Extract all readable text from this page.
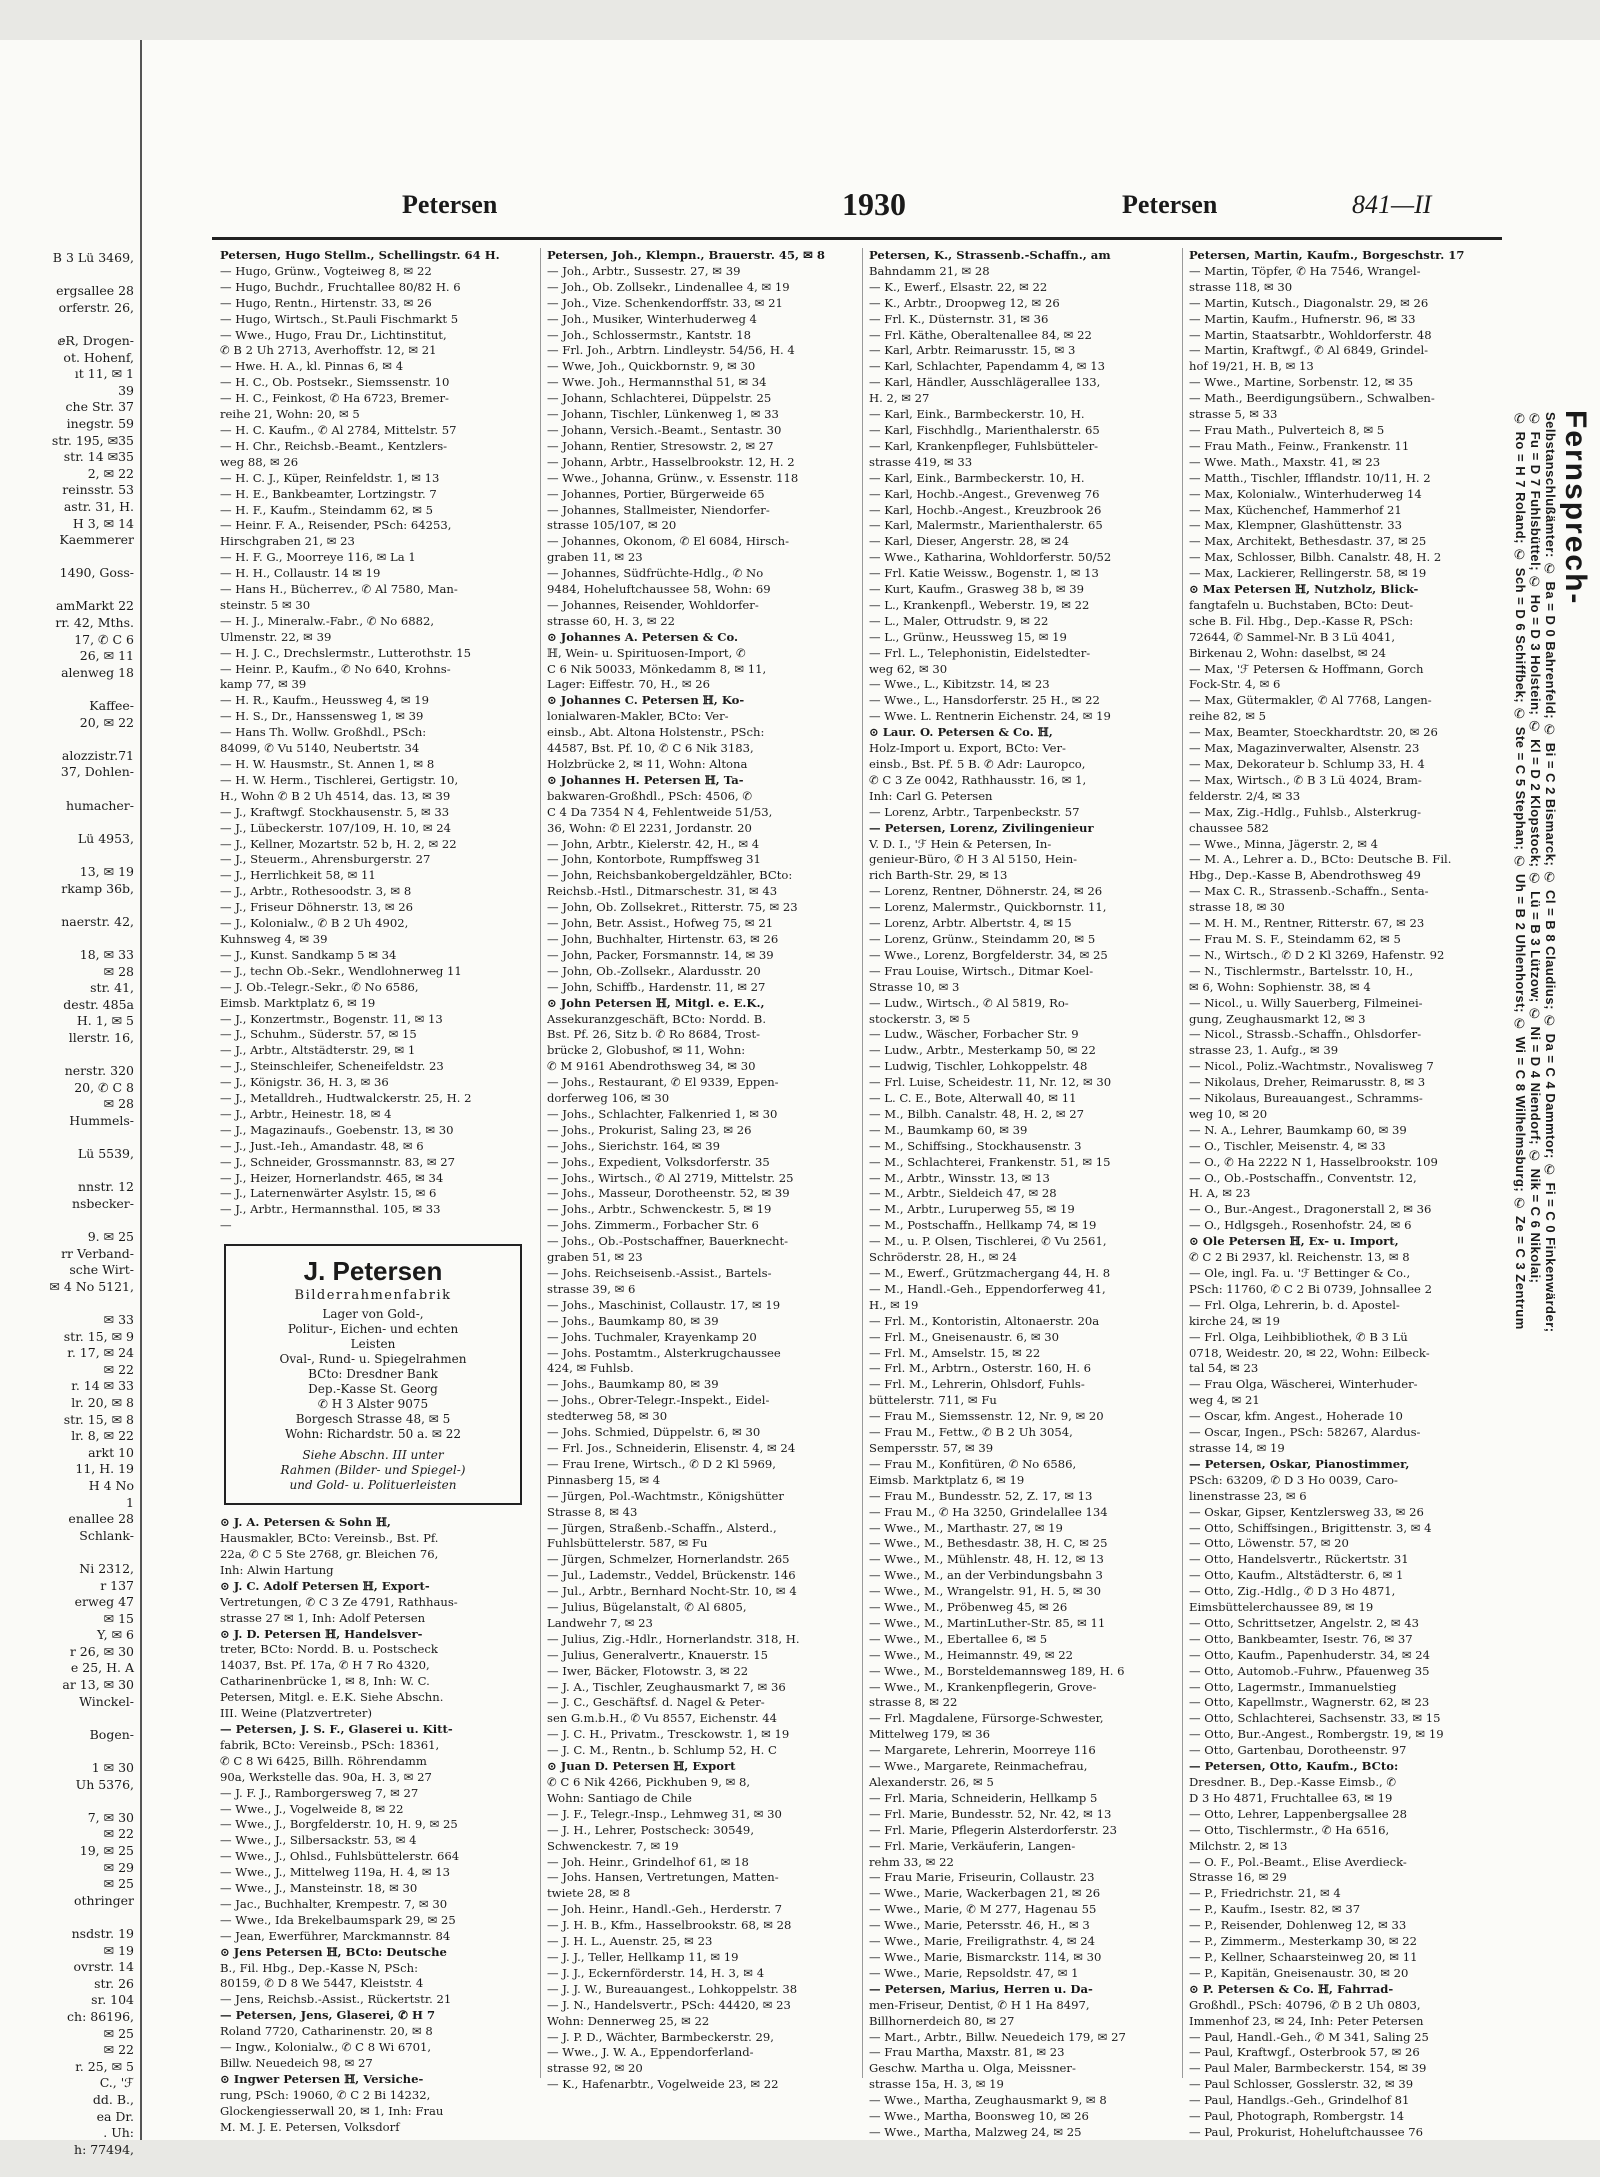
B 3 Lü 3469,

ergsallee 28
orferstr. 26,

ⅇR, Drogen-
ot. Hohenf,
ıt 11, ✉ 1
39
che Str. 37
inegstr. 59
str. 195, ✉35
str. 14 ✉35
2, ✉ 22
reinsstr. 53
astr. 31, H.
H 3, ✉ 14
Kaemmerer

1490, Goss-

amMarkt 22
rr. 42, Mths.
17, ✆ C 6
26, ✉ 11
alenweg 18

Kaffee-
20, ✉ 22

alozzistr.71
37, Dohlen-

humacher-

Lü 4953,

13, ✉ 19
rkamp 36b,

naerstr. 42,

18, ✉ 33
✉ 28
str. 41,
destr. 485a
H. 1, ✉ 5
llerstr. 16,

nerstr. 320
20, ✆ C 8
✉ 28
Hummels-

Lü 5539,

nnstr. 12
nsbecker-

9. ✉ 25
rr Verband-
sche Wirt-
✉ 4 No 5121,

✉ 33
str. 15, ✉ 9
r. 17, ✉ 24
✉ 22
r. 14 ✉ 33
lr. 20, ✉ 8
str. 15, ✉ 8
lr. 8, ✉ 22
arkt 10
11, H. 19
H 4 No
1
enallee 28
Schlank-

Ni 2312,
r 137
erweg 47
✉ 15
Y, ✉ 6
r 26, ✉ 30
e 25, H. A
ar 13, ✉ 30
Winckel-

Bogen-

1 ✉ 30
Uh 5376,

7, ✉ 30
✉ 22
19, ✉ 25
✉ 29
✉ 25
othringer

nsdstr. 19
✉ 19
ovrstr. 14
str. 26
sr. 104
ch: 86196,
✉ 25
✉ 22
r. 25, ✉ 5
C., 'ℱ
dd. B.,
ea Dr.
. Uh:
h: 77494,
Petersen	1930	Petersen	841—II
Petersen, Hugo Stellm., Schellingstr. 64 H.
— Hugo, Grünw., Vogteiweg 8, ✉ 22
— Hugo, Buchdr., Fruchtallee 80/82 H. 6
— Hugo, Rentn., Hirtenstr. 33, ✉ 26
— Hugo, Wirtsch., St.Pauli Fischmarkt 5
— Wwe., Hugo, Frau Dr., Lichtinstitut,
✆ B 2 Uh 2713, Averhoffstr. 12, ✉ 21
— Hwe. H. A., kl. Pinnas 6, ✉ 4
— H. C., Ob. Postsekr., Siemssenstr. 10
— H. C., Feinkost, ✆ Ha 6723, Bremer-
reihe 21, Wohn: 20, ✉ 5
— H. C. Kaufm., ✆ Al 2784, Mittelstr. 57
— H. Chr., Reichsb.-Beamt., Kentzlers-
weg 88, ✉ 26
— H. C. J., Küper, Reinfeldstr. 1, ✉ 13
— H. E., Bankbeamter, Lortzingstr. 7
— H. F., Kaufm., Steindamm 62, ✉ 5
— Heinr. F. A., Reisender, PSch: 64253,
Hirschgraben 21, ✉ 23
— H. F. G., Moorreye 116, ✉ La 1
— H. H., Collaustr. 14 ✉ 19
— Hans H., Bücherrev., ✆ Al 7580, Man-
steinstr. 5 ✉ 30
— H. J., Mineralw.-Fabr., ✆ No 6882,
Ulmenstr. 22, ✉ 39
— H. J. C., Drechslermstr., Lutterothstr. 15
— Heinr. P., Kaufm., ✆ No 640, Krohns-
kamp 77, ✉ 39
— H. R., Kaufm., Heussweg 4, ✉ 19
— H. S., Dr., Hanssensweg 1, ✉ 39
— Hans Th. Wollw. Großhdl., PSch:
84099, ✆ Vu 5140, Neubertstr. 34
— H. W. Hausmstr., St. Annen 1, ✉ 8
— H. W. Herm., Tischlerei, Gertigstr. 10,
H., Wohn ✆ B 2 Uh 4514, das. 13, ✉ 39
— J., Kraftwgf. Stockhausenstr. 5, ✉ 33
— J., Lübeckerstr. 107/109, H. 10, ✉ 24
— J., Kellner, Mozartstr. 52 b, H. 2, ✉ 22
— J., Steuerm., Ahrensburgerstr. 27
— J., Herrlichkeit 58, ✉ 11
— J., Arbtr., Rothesoodstr. 3, ✉ 8
— J., Friseur Döhnerstr. 13, ✉ 26
— J., Kolonialw., ✆ B 2 Uh 4902,
Kuhnsweg 4, ✉ 39
— J., Kunst. Sandkamp 5 ✉ 34
— J., techn Ob.-Sekr., Wendlohnerweg 11
— J. Ob.-Telegr.-Sekr., ✆ No 6586,
Eimsb. Marktplatz 6, ✉ 19
— J., Konzertmstr., Bogenstr. 11, ✉ 13
— J., Schuhm., Süderstr. 57, ✉ 15
— J., Arbtr., Altstädterstr. 29, ✉ 1
— J., Steinschleifer, Scheneifeldstr. 23
— J., Königstr. 36, H. 3, ✉ 36
— J., Metalldreh., Hudtwalckerstr. 25, H. 2
— J., Arbtr., Heinestr. 18, ✉ 4
— J., Magazinaufs., Goebenstr. 13, ✉ 30
— J., Just.-Ieh., Amandastr. 48, ✉ 6
— J., Schneider, Grossmannstr. 83, ✉ 27
— J., Heizer, Hornerlandstr. 465, ✉ 34
— J., Laternenwärter Asylstr. 15, ✉ 6
— J., Arbtr., Hermannsthal. 105, ✉ 33
—
J. Petersen
Bilderrahmenfabrik
Lager von Gold-,
Politur-, Eichen- und echten
Leisten
Oval-, Rund- u. Spiegelrahmen
BCto: Dresdner Bank
Dep.-Kasse St. Georg
✆ H 3 Alster 9075
Borgesch Strasse 48, ✉ 5
Wohn: Richardstr. 50 a. ✉ 22
Siehe Abschn. III unter
Rahmen (Bilder- und Spiegel-)
und Gold- u. Polituerleisten
⊙ J. A. Petersen & Sohn ℍ,
Hausmakler, BCto: Vereinsb., Bst. Pf.
22a, ✆ C 5 Ste 2768, gr. Bleichen 76,
Inh: Alwin Hartung
⊙ J. C. Adolf Petersen ℍ, Export-
Vertretungen, ✆ C 3 Ze 4791, Rathhaus-
strasse 27 ✉ 1, Inh: Adolf Petersen
⊙ J. D. Petersen ℍ, Handelsver-
treter, BCto: Nordd. B. u. Postscheck
14037, Bst. Pf. 17a, ✆ H 7 Ro 4320,
Catharinenbrücke 1, ✉ 8, Inh: W. C.
Petersen, Mitgl. e. E.K. Siehe Abschn.
III. Weine (Platzvertreter)
— Petersen, J. S. F., Glaserei u. Kitt-
fabrik, BCto: Vereinsb., PSch: 18361,
✆ C 8 Wi 6425, Billh. Röhrendamm
90a, Werkstelle das. 90a, H. 3, ✉ 27
— J. F. J., Ramborgersweg 7, ✉ 27
— Wwe., J., Vogelweide 8, ✉ 22
— Wwe., J., Borgfelderstr. 10, H. 9, ✉ 25
— Wwe., J., Silbersackstr. 53, ✉ 4
— Wwe., J., Ohlsd., Fuhlsbüttelerstr. 664
— Wwe., J., Mittelweg 119a, H. 4, ✉ 13
— Wwe., J., Mansteinstr. 18, ✉ 30
— Jac., Buchhalter, Krempestr. 7, ✉ 30
— Wwe., Ida Brekelbaumspark 29, ✉ 25
— Jean, Ewerführer, Marckmannstr. 84
⊙ Jens Petersen ℍ, BCto: Deutsche
B., Fil. Hbg., Dep.-Kasse N, PSch:
80159, ✆ D 8 We 5447, Kleiststr. 4
— Jens, Reichsb.-Assist., Rückertstr. 21
— Petersen, Jens, Glaserei, ✆ H 7
Roland 7720, Catharinenstr. 20, ✉ 8
— Ingw., Kolonialw., ✆ C 8 Wi 6701,
Billw. Neuedeich 98, ✉ 27
⊙ Ingwer Petersen ℍ, Versiche-
rung, PSch: 19060, ✆ C 2 Bi 14232,
Glockengiesserwall 20, ✉ 1, Inh: Frau
M. M. J. E. Petersen, Volksdorf
Petersen, Joh., Klempn., Brauerstr. 45, ✉ 8
— Joh., Arbtr., Sussestr. 27, ✉ 39
— Joh., Ob. Zollsekr., Lindenallee 4, ✉ 19
— Joh., Vize. Schenkendorffstr. 33, ✉ 21
— Joh., Musiker, Winterhuderweg 4
— Joh., Schlossermstr., Kantstr. 18
— Frl. Joh., Arbtrn. Lindleystr. 54/56, H. 4
— Wwe, Joh., Quickbornstr. 9, ✉ 30
— Wwe. Joh., Hermannsthal 51, ✉ 34
— Johann, Schlachterei, Düppelstr. 25
— Johann, Tischler, Lünkenweg 1, ✉ 33
— Johann, Versich.-Beamt., Sentastr. 30
— Johann, Rentier, Stresowstr. 2, ✉ 27
— Johann, Arbtr., Hasselbrookstr. 12, H. 2
— Wwe., Johanna, Grünw., v. Essenstr. 118
— Johannes, Portier, Bürgerweide 65
— Johannes, Stallmeister, Niendorfer-
strasse 105/107, ✉ 20
— Johannes, Okonom, ✆ El 6084, Hirsch-
graben 11, ✉ 23
— Johannes, Südfrüchte-Hdlg., ✆ No
9484, Hoheluftchaussee 58, Wohn: 69
— Johannes, Reisender, Wohldorfer-
strasse 60, H. 3, ✉ 22
⊙ Johannes A. Petersen & Co.
ℍ, Wein- u. Spirituosen-Import, ✆
C 6 Nik 50033, Mönkedamm 8, ✉ 11,
Lager: Eiffestr. 70, H., ✉ 26
⊙ Johannes C. Petersen ℍ, Ko-
lonialwaren-Makler, BCto: Ver-
einsb., Abt. Altona Holstenstr., PSch:
44587, Bst. Pf. 10, ✆ C 6 Nik 3183,
Holzbrücke 2, ✉ 11, Wohn: Altona
⊙ Johannes H. Petersen ℍ, Ta-
bakwaren-Großhdl., PSch: 4506, ✆
C 4 Da 7354 N 4, Fehlentweide 51/53,
36, Wohn: ✆ El 2231, Jordanstr. 20
— John, Arbtr., Kielerstr. 42, H., ✉ 4
— John, Kontorbote, Rumpffsweg 31
— John, Reichsbankobergeldzähler, BCto:
Reichsb.-Hstl., Ditmarschestr. 31, ✉ 43
— John, Ob. Zollsekret., Ritterstr. 75, ✉ 23
— John, Betr. Assist., Hofweg 75, ✉ 21
— John, Buchhalter, Hirtenstr. 63, ✉ 26
— John, Packer, Forsmannstr. 14, ✉ 39
— John, Ob.-Zollsekr., Alardusstr. 20
— John, Schiffb., Hardenstr. 11, ✉ 27
⊙ John Petersen ℍ, Mitgl. e. E.K.,
Assekuranzgeschäft, BCto: Nordd. B.
Bst. Pf. 26, Sitz b. ✆ Ro 8684, Trost-
brücke 2, Globushof, ✉ 11, Wohn:
✆ M 9161 Abendrothsweg 34, ✉ 30
— Johs., Restaurant, ✆ El 9339, Eppen-
dorferweg 106, ✉ 30
— Johs., Schlachter, Falkenried 1, ✉ 30
— Johs., Prokurist, Saling 23, ✉ 26
— Johs., Sierichstr. 164, ✉ 39
— Johs., Expedient, Volksdorferstr. 35
— Johs., Wirtsch., ✆ Al 2719, Mittelstr. 25
— Johs., Masseur, Dorotheenstr. 52, ✉ 39
— Johs., Arbtr., Schwenckestr. 5, ✉ 19
— Johs. Zimmerm., Forbacher Str. 6
— Johs., Ob.-Postschaffner, Bauerknecht-
graben 51, ✉ 23
— Johs. Reichseisenb.-Assist., Bartels-
strasse 39, ✉ 6
— Johs., Maschinist, Collaustr. 17, ✉ 19
— Johs., Baumkamp 80, ✉ 39
— Johs. Tuchmaler, Krayenkamp 20
— Johs. Postamtm., Alsterkrugchaussee
424, ✉ Fuhlsb.
— Johs., Baumkamp 80, ✉ 39
— Johs., Obrer-Telegr.-Inspekt., Eidel-
stedterweg 58, ✉ 30
— Johs. Schmied, Düppelstr. 6, ✉ 30
— Frl. Jos., Schneiderin, Elisenstr. 4, ✉ 24
— Frau Irene, Wirtsch., ✆ D 2 Kl 5969,
Pinnasberg 15, ✉ 4
— Jürgen, Pol.-Wachtmstr., Königshütter
Strasse 8, ✉ 43
— Jürgen, Straßenb.-Schaffn., Alsterd.,
Fuhlsbüttelerstr. 587, ✉ Fu
— Jürgen, Schmelzer, Hornerlandstr. 265
— Jul., Lademstr., Veddel, Brückenstr. 146
— Jul., Arbtr., Bernhard Nocht-Str. 10, ✉ 4
— Julius, Bügelanstalt, ✆ Al 6805,
Landwehr 7, ✉ 23
— Julius, Zig.-Hdlr., Hornerlandstr. 318, H.
— Julius, Generalvertr., Knauerstr. 15
— Iwer, Bäcker, Flotowstr. 3, ✉ 22
— J. A., Tischler, Zeughausmarkt 7, ✉ 36
— J. C., Geschäftsf. d. Nagel & Peter-
sen G.m.b.H., ✆ Vu 8557, Eichenstr. 44
— J. C. H., Privatm., Tresckowstr. 1, ✉ 19
— J. C. M., Rentn., b. Schlump 52, H. C
⊙ Juan D. Petersen ℍ, Export
✆ C 6 Nik 4266, Pickhuben 9, ✉ 8,
Wohn: Santiago de Chile
— J. F., Telegr.-Insp., Lehmweg 31, ✉ 30
— J. H., Lehrer, Postscheck: 30549,
Schwenckestr. 7, ✉ 19
— Joh. Heinr., Grindelhof 61, ✉ 18
— Johs. Hansen, Vertretungen, Matten-
twiete 28, ✉ 8
— Joh. Heinr., Handl.-Geh., Herderstr. 7
— J. H. B., Kfm., Hasselbrookstr. 68, ✉ 28
— J. H. L., Auenstr. 25, ✉ 23
— J. J., Teller, Hellkamp 11, ✉ 19
— J. J., Eckernförderstr. 14, H. 3, ✉ 4
— J. J. W., Bureauangest., Lohkoppelstr. 38
— J. N., Handelsvertr., PSch: 44420, ✉ 23
Wohn: Dennerweg 25, ✉ 22
— J. P. D., Wächter, Barmbeckerstr. 29,
— Wwe., J. W. A., Eppendorferland-
strasse 92, ✉ 20
— K., Hafenarbtr., Vogelweide 23, ✉ 22
Petersen, K., Strassenb.-Schaffn., am
Bahndamm 21, ✉ 28
— K., Ewerf., Elsastr. 22, ✉ 22
— K., Arbtr., Droopweg 12, ✉ 26
— Frl. K., Düsternstr. 31, ✉ 36
— Frl. Käthe, Oberaltenallee 84, ✉ 22
— Karl, Arbtr. Reimarusstr. 15, ✉ 3
— Karl, Schlachter, Papendamm 4, ✉ 13
— Karl, Händler, Ausschlägerallee 133,
H. 2, ✉ 27
— Karl, Eink., Barmbeckerstr. 10, H.
— Karl, Fischhdlg., Marienthalerstr. 65
— Karl, Krankenpfleger, Fuhlsbütteler-
strasse 419, ✉ 33
— Karl, Eink., Barmbeckerstr. 10, H.
— Karl, Hochb.-Angest., Grevenweg 76
— Karl, Hochb.-Angest., Kreuzbrook 26
— Karl, Malermstr., Marienthalerstr. 65
— Karl, Dieser, Angerstr. 28, ✉ 24
— Wwe., Katharina, Wohldorferstr. 50/52
— Frl. Katie Weissw., Bogenstr. 1, ✉ 13
— Kurt, Kaufm., Grasweg 38 b, ✉ 39
— L., Krankenpfl., Weberstr. 19, ✉ 22
— L., Maler, Ottrudstr. 9, ✉ 22
— L., Grünw., Heussweg 15, ✉ 19
— Frl. L., Telephonistin, Eidelstedter-
weg 62, ✉ 30
— Wwe., L., Kibitzstr. 14, ✉ 23
— Wwe., L., Hansdorferstr. 25 H., ✉ 22
— Wwe. L. Rentnerin Eichenstr. 24, ✉ 19
⊙ Laur. O. Petersen & Co. ℍ,
Holz-Import u. Export, BCto: Ver-
einsb., Bst. Pf. 5 B. ✆ Adr: Lauropco,
✆ C 3 Ze 0042, Rathhausstr. 16, ✉ 1,
Inh: Carl G. Petersen
— Lorenz, Arbtr., Tarpenbeckstr. 57
— Petersen, Lorenz, Zivilingenieur
V. D. I., 'ℱ Hein & Petersen, In-
genieur-Büro, ✆ H 3 Al 5150, Hein-
rich Barth-Str. 29, ✉ 13
— Lorenz, Rentner, Döhnerstr. 24, ✉ 26
— Lorenz, Malermstr., Quickbornstr. 11,
— Lorenz, Arbtr. Albertstr. 4, ✉ 15
— Lorenz, Grünw., Steindamm 20, ✉ 5
— Wwe., Lorenz, Borgfelderstr. 34, ✉ 25
— Frau Louise, Wirtsch., Ditmar Koel-
Strasse 10, ✉ 3
— Ludw., Wirtsch., ✆ Al 5819, Ro-
stockerstr. 3, ✉ 5
— Ludw., Wäscher, Forbacher Str. 9
— Ludw., Arbtr., Mesterkamp 50, ✉ 22
— Ludwig, Tischler, Lohkoppelstr. 48
— Frl. Luise, Scheidestr. 11, Nr. 12, ✉ 30
— L. C. E., Bote, Alterwall 40, ✉ 11
— M., Bilbh. Canalstr. 48, H. 2, ✉ 27
— M., Baumkamp 60, ✉ 39
— M., Schiffsing., Stockhausenstr. 3
— M., Schlachterei, Frankenstr. 51, ✉ 15
— M., Arbtr., Winsstr. 13, ✉ 13
— M., Arbtr., Sieldeich 47, ✉ 28
— M., Arbtr., Luruperweg 55, ✉ 19
— M., Postschaffn., Hellkamp 74, ✉ 19
— M., u. P. Olsen, Tischlerei, ✆ Vu 2561,
Schröderstr. 28, H., ✉ 24
— M., Ewerf., Grützmachergang 44, H. 8
— M., Handl.-Geh., Eppendorferweg 41,
H., ✉ 19
— Frl. M., Kontoristin, Altonaerstr. 20a
— Frl. M., Gneisenaustr. 6, ✉ 30
— Frl. M., Amselstr. 15, ✉ 22
— Frl. M., Arbtrn., Osterstr. 160, H. 6
— Frl. M., Lehrerin, Ohlsdorf, Fuhls-
büttelerstr. 711, ✉ Fu
— Frau M., Siemssenstr. 12, Nr. 9, ✉ 20
— Frau M., Fettw., ✆ B 2 Uh 3054,
Sempersstr. 57, ✉ 39
— Frau M., Konfitüren, ✆ No 6586,
Eimsb. Marktplatz 6, ✉ 19
— Frau M., Bundesstr. 52, Z. 17, ✉ 13
— Frau M., ✆ Ha 3250, Grindelallee 134
— Wwe., M., Marthastr. 27, ✉ 19
— Wwe., M., Bethesdastr. 38, H. C, ✉ 25
— Wwe., M., Mühlenstr. 48, H. 12, ✉ 13
— Wwe., M., an der Verbindungsbahn 3
— Wwe., M., Wrangelstr. 91, H. 5, ✉ 30
— Wwe., M., Pröbenweg 45, ✉ 26
— Wwe., M., MartinLuther-Str. 85, ✉ 11
— Wwe., M., Ebertallee 6, ✉ 5
— Wwe., M., Heimannstr. 49, ✉ 22
— Wwe., M., Borsteldemannsweg 189, H. 6
— Wwe., M., Krankenpflegerin, Grove-
strasse 8, ✉ 22
— Frl. Magdalene, Fürsorge-Schwester,
Mittelweg 179, ✉ 36
— Margarete, Lehrerin, Moorreye 116
— Wwe., Margarete, Reinmachefrau,
Alexanderstr. 26, ✉ 5
— Frl. Maria, Schneiderin, Hellkamp 5
— Frl. Marie, Bundesstr. 52, Nr. 42, ✉ 13
— Frl. Marie, Pflegerin Alsterdorferstr. 23
— Frl. Marie, Verkäuferin, Langen-
rehm 33, ✉ 22
— Frau Marie, Friseurin, Collaustr. 23
— Wwe., Marie, Wackerbagen 21, ✉ 26
— Wwe., Marie, ✆ M 277, Hagenau 55
— Wwe., Marie, Petersstr. 46, H., ✉ 3
— Wwe., Marie, Freiligrathstr. 4, ✉ 24
— Wwe., Marie, Bismarckstr. 114, ✉ 30
— Wwe., Marie, Repsoldstr. 47, ✉ 1
— Petersen, Marius, Herren u. Da-
men-Friseur, Dentist, ✆ H 1 Ha 8497,
Billhornerdeich 80, ✉ 27
— Mart., Arbtr., Billw. Neuedeich 179, ✉ 27
— Frau Martha, Maxstr. 81, ✉ 23
Geschw. Martha u. Olga, Meissner-
strasse 15a, H. 3, ✉ 19
— Wwe., Martha, Zeughausmarkt 9, ✉ 8
— Wwe., Martha, Boonsweg 10, ✉ 26
— Wwe., Martha, Malzweg 24, ✉ 25
Petersen, Martin, Kaufm., Borgeschstr. 17
— Martin, Töpfer, ✆ Ha 7546, Wrangel-
strasse 118, ✉ 30
— Martin, Kutsch., Diagonalstr. 29, ✉ 26
— Martin, Kaufm., Hufnerstr. 96, ✉ 33
— Martin, Staatsarbtr., Wohldorferstr. 48
— Martin, Kraftwgf., ✆ Al 6849, Grindel-
hof 19/21, H. B, ✉ 13
— Wwe., Martine, Sorbenstr. 12, ✉ 35
— Math., Beerdigungsübern., Schwalben-
strasse 5, ✉ 33
— Frau Math., Pulverteich 8, ✉ 5
— Frau Math., Feinw., Frankenstr. 11
— Wwe. Math., Maxstr. 41, ✉ 23
— Matth., Tischler, Ifflandstr. 10/11, H. 2
— Max, Kolonialw., Winterhuderweg 14
— Max, Küchenchef, Hammerhof 21
— Max, Klempner, Glashüttenstr. 33
— Max, Architekt, Bethesdastr. 37, ✉ 25
— Max, Schlosser, Bilbh. Canalstr. 48, H. 2
— Max, Lackierer, Rellingerstr. 58, ✉ 19
⊙ Max Petersen ℍ, Nutzholz, Blick-
fangtafeln u. Buchstaben, BCto: Deut-
sche B. Fil. Hbg., Dep.-Kasse R, PSch:
72644, ✆ Sammel-Nr. B 3 Lü 4041,
Birkenau 2, Wohn: daselbst, ✉ 24
— Max, 'ℱ Petersen & Hoffmann, Gorch
Fock-Str. 4, ✉ 6
— Max, Gütermakler, ✆ Al 7768, Langen-
reihe 82, ✉ 5
— Max, Beamter, Stoeckhardtstr. 20, ✉ 26
— Max, Magazinverwalter, Alsenstr. 23
— Max, Dekorateur b. Schlump 33, H. 4
— Max, Wirtsch., ✆ B 3 Lü 4024, Bram-
felderstr. 2/4, ✉ 33
— Max, Zig.-Hdlg., Fuhlsb., Alsterkrug-
chaussee 582
— Wwe., Minna, Jägerstr. 2, ✉ 4
— M. A., Lehrer a. D., BCto: Deutsche B. Fil.
Hbg., Dep.-Kasse B, Abendrothsweg 49
— Max C. R., Strassenb.-Schaffn., Senta-
strasse 18, ✉ 30
— M. H. M., Rentner, Ritterstr. 67, ✉ 23
— Frau M. S. F., Steindamm 62, ✉ 5
— N., Wirtsch., ✆ D 2 Kl 3269, Hafenstr. 92
— N., Tischlermstr., Bartelsstr. 10, H.,
✉ 6, Wohn: Sophienstr. 38, ✉ 4
— Nicol., u. Willy Sauerberg, Filmeinei-
gung, Zeughausmarkt 12, ✉ 3
— Nicol., Strassb.-Schaffn., Ohlsdorfer-
strasse 23, 1. Aufg., ✉ 39
— Nicol., Poliz.-Wachtmstr., Novalisweg 7
— Nikolaus, Dreher, Reimarusstr. 8, ✉ 3
— Nikolaus, Bureauangest., Schramms-
weg 10, ✉ 20
— N. A., Lehrer, Baumkamp 60, ✉ 39
— O., Tischler, Meisenstr. 4, ✉ 33
— O., ✆ Ha 2222 N 1, Hasselbrookstr. 109
— O., Ob.-Postschaffn., Conventstr. 12,
H. A, ✉ 23
— O., Bur.-Angest., Dragonerstall 2, ✉ 36
— O., Hdlgsgeh., Rosenhofstr. 24, ✉ 6
⊙ Ole Petersen ℍ, Ex- u. Import,
✆ C 2 Bi 2937, kl. Reichenstr. 13, ✉ 8
— Ole, ingl. Fa. u. 'ℱ Bettinger & Co.,
PSch: 11760, ✆ C 2 Bi 0739, Johnsallee 2
— Frl. Olga, Lehrerin, b. d. Apostel-
kirche 24, ✉ 19
— Frl. Olga, Leihbibliothek, ✆ B 3 Lü
0718, Weidestr. 20, ✉ 22, Wohn: Eilbeck-
tal 54, ✉ 23
— Frau Olga, Wäscherei, Winterhuder-
weg 4, ✉ 21
— Oscar, kfm. Angest., Hoherade 10
— Oscar, Ingen., PSch: 58267, Alardus-
strasse 14, ✉ 19
— Petersen, Oskar, Pianostimmer,
PSch: 63209, ✆ D 3 Ho 0039, Caro-
linenstrasse 23, ✉ 6
— Oskar, Gipser, Kentzlersweg 33, ✉ 26
— Otto, Schiffsingen., Brigittenstr. 3, ✉ 4
— Otto, Löwenstr. 57, ✉ 20
— Otto, Handelsvertr., Rückertstr. 31
— Otto, Kaufm., Altstädterstr. 6, ✉ 1
— Otto, Zig.-Hdlg., ✆ D 3 Ho 4871,
Eimsbüttelerchaussee 89, ✉ 19
— Otto, Schrittsetzer, Angelstr. 2, ✉ 43
— Otto, Bankbeamter, Isestr. 76, ✉ 37
— Otto, Kaufm., Papenhuderstr. 34, ✉ 24
— Otto, Automob.-Fuhrw., Pfauenweg 35
— Otto, Lagermstr., Immanuelstieg
— Otto, Kapellmstr., Wagnerstr. 62, ✉ 23
— Otto, Schlachterei, Sachsenstr. 33, ✉ 15
— Otto, Bur.-Angest., Rombergstr. 19, ✉ 19
— Otto, Gartenbau, Dorotheenstr. 97
— Petersen, Otto, Kaufm., BCto:
Dresdner. B., Dep.-Kasse Eimsb., ✆
D 3 Ho 4871, Fruchtallee 63, ✉ 19
— Otto, Lehrer, Lappenbergsallee 28
— Otto, Tischlermstr., ✆ Ha 6516,
Milchstr. 2, ✉ 13
— O. F., Pol.-Beamt., Elise Averdieck-
Strasse 16, ✉ 29
— P., Friedrichstr. 21, ✉ 4
— P., Kaufm., Isestr. 82, ✉ 37
— P., Reisender, Dohlenweg 12, ✉ 33
— P., Zimmerm., Mesterkamp 30, ✉ 22
— P., Kellner, Schaarsteinweg 20, ✉ 11
— P., Kapitän, Gneisenaustr. 30, ✉ 20
⊙ P. Petersen & Co. ℍ, Fahrrad-
Großhdl., PSch: 40796, ✆ B 2 Uh 0803,
Immenhof 23, ✉ 24, Inh: Peter Petersen
— Paul, Handl.-Geh., ✆ M 341, Saling 25
— Paul, Kraftwgf., Osterbrook 57, ✉ 26
— Paul Maler, Barmbeckerstr. 154, ✉ 39
— Paul Schlosser, Gosslerstr. 32, ✉ 39
— Paul, Handlgs.-Geh., Grindelhof 81
— Paul, Photograph, Rombergstr. 14
— Paul, Prokurist, Hoheluftchaussee 76
Fernsprech-
Selbstanschlußämter: ✆ Ba = D 0 Bahrenfeld; ✆ Bi = C 2 Bismarck; ✆ Cl = B 8 Claudius; ✆ Da = C 4 Dammtor; ✆ Fi = C 0 Finkenwärder;
✆ Fu = D 7 Fuhlsbüttel; ✆ Ho = D 3 Holstein; ✆ Kl = D 2 Klopstock; ✆ Lü = B 3 Lützow; ✆ Ni = D 4 Niendorf; ✆ Nik = C 6 Nikolai;
✆ Ro = H 7 Roland; ✆ Sch = D 6 Schiffbek; ✆ Ste = C 5 Stephan; ✆ Uh = B 2 Uhlenhorst; ✆ Wi = C 8 Wilhelmsburg; ✆ Ze = C 3 Zentrum
